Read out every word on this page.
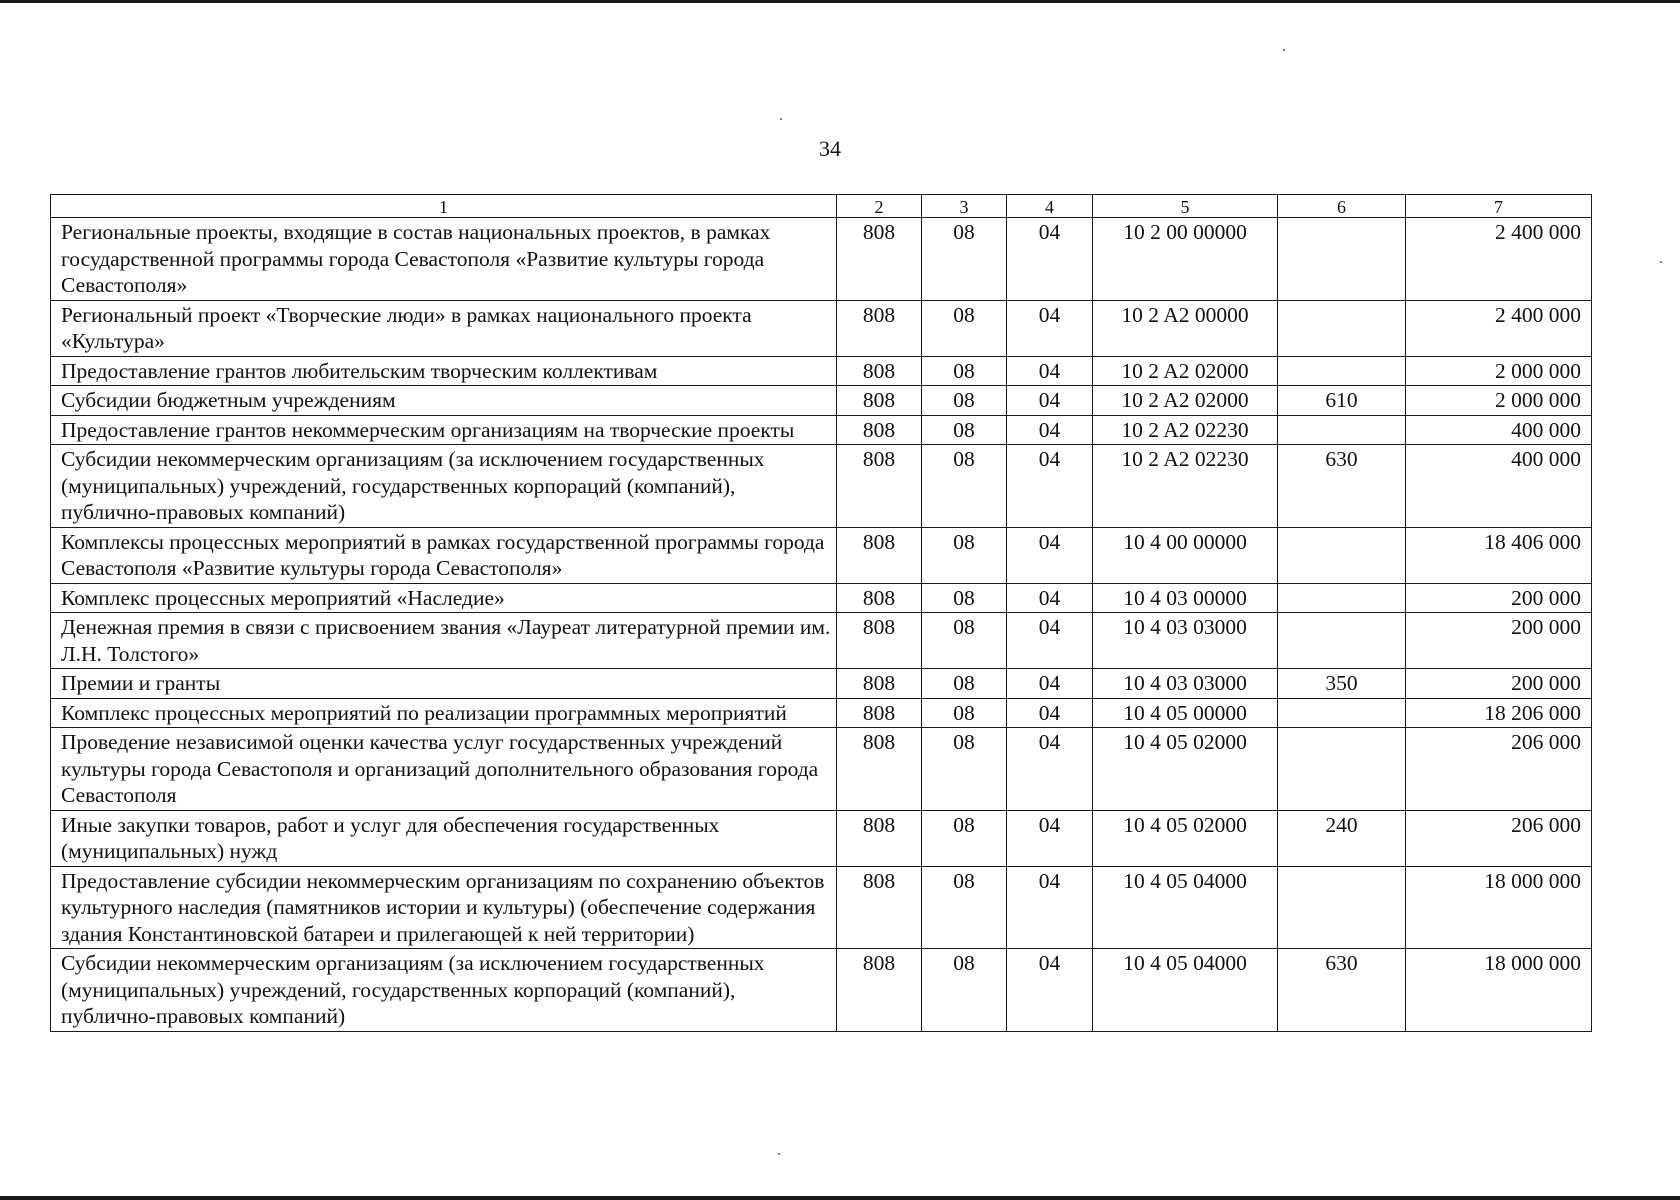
34
1	2	3	4	5	6	7
Региональные проекты, входящие в состав национальных проектов, в рамках государственной программы города Севастополя «Развитие культуры города Севастополя»	808	08	04	10 2 00 00000		2 400 000
Региональный проект «Творческие люди» в рамках национального проекта «Культура»	808	08	04	10 2 A2 00000		2 400 000
Предоставление грантов любительским творческим коллективам	808	08	04	10 2 A2 02000		2 000 000
Субсидии бюджетным учреждениям	808	08	04	10 2 A2 02000	610	2 000 000
Предоставление грантов некоммерческим организациям на творческие проекты	808	08	04	10 2 A2 02230		400 000
Субсидии некоммерческим организациям (за исключением государственных (муниципальных) учреждений, государственных корпораций (компаний), публично-правовых компаний)	808	08	04	10 2 A2 02230	630	400 000
Комплексы процессных мероприятий в рамках государственной программы города Севастополя «Развитие культуры города Севастополя»	808	08	04	10 4 00 00000		18 406 000
Комплекс процессных мероприятий «Наследие»	808	08	04	10 4 03 00000		200 000
Денежная премия в связи с присвоением звания «Лауреат литературной премии им. Л.Н. Толстого»	808	08	04	10 4 03 03000		200 000
Премии и гранты	808	08	04	10 4 03 03000	350	200 000
Комплекс процессных мероприятий по реализации программных мероприятий	808	08	04	10 4 05 00000		18 206 000
Проведение независимой оценки качества услуг государственных учреждений культуры города Севастополя и организаций дополнительного образования города Севастополя	808	08	04	10 4 05 02000		206 000
Иные закупки товаров, работ и услуг для обеспечения государственных (муниципальных) нужд	808	08	04	10 4 05 02000	240	206 000
Предоставление субсидии некоммерческим организациям по сохранению объектов культурного наследия (памятников истории и культуры) (обеспечение содержания здания Константиновской батареи и прилегающей к ней территории)	808	08	04	10 4 05 04000		18 000 000
Субсидии некоммерческим организациям (за исключением государственных (муниципальных) учреждений, государственных корпораций (компаний), публично-правовых компаний)	808	08	04	10 4 05 04000	630	18 000 000
